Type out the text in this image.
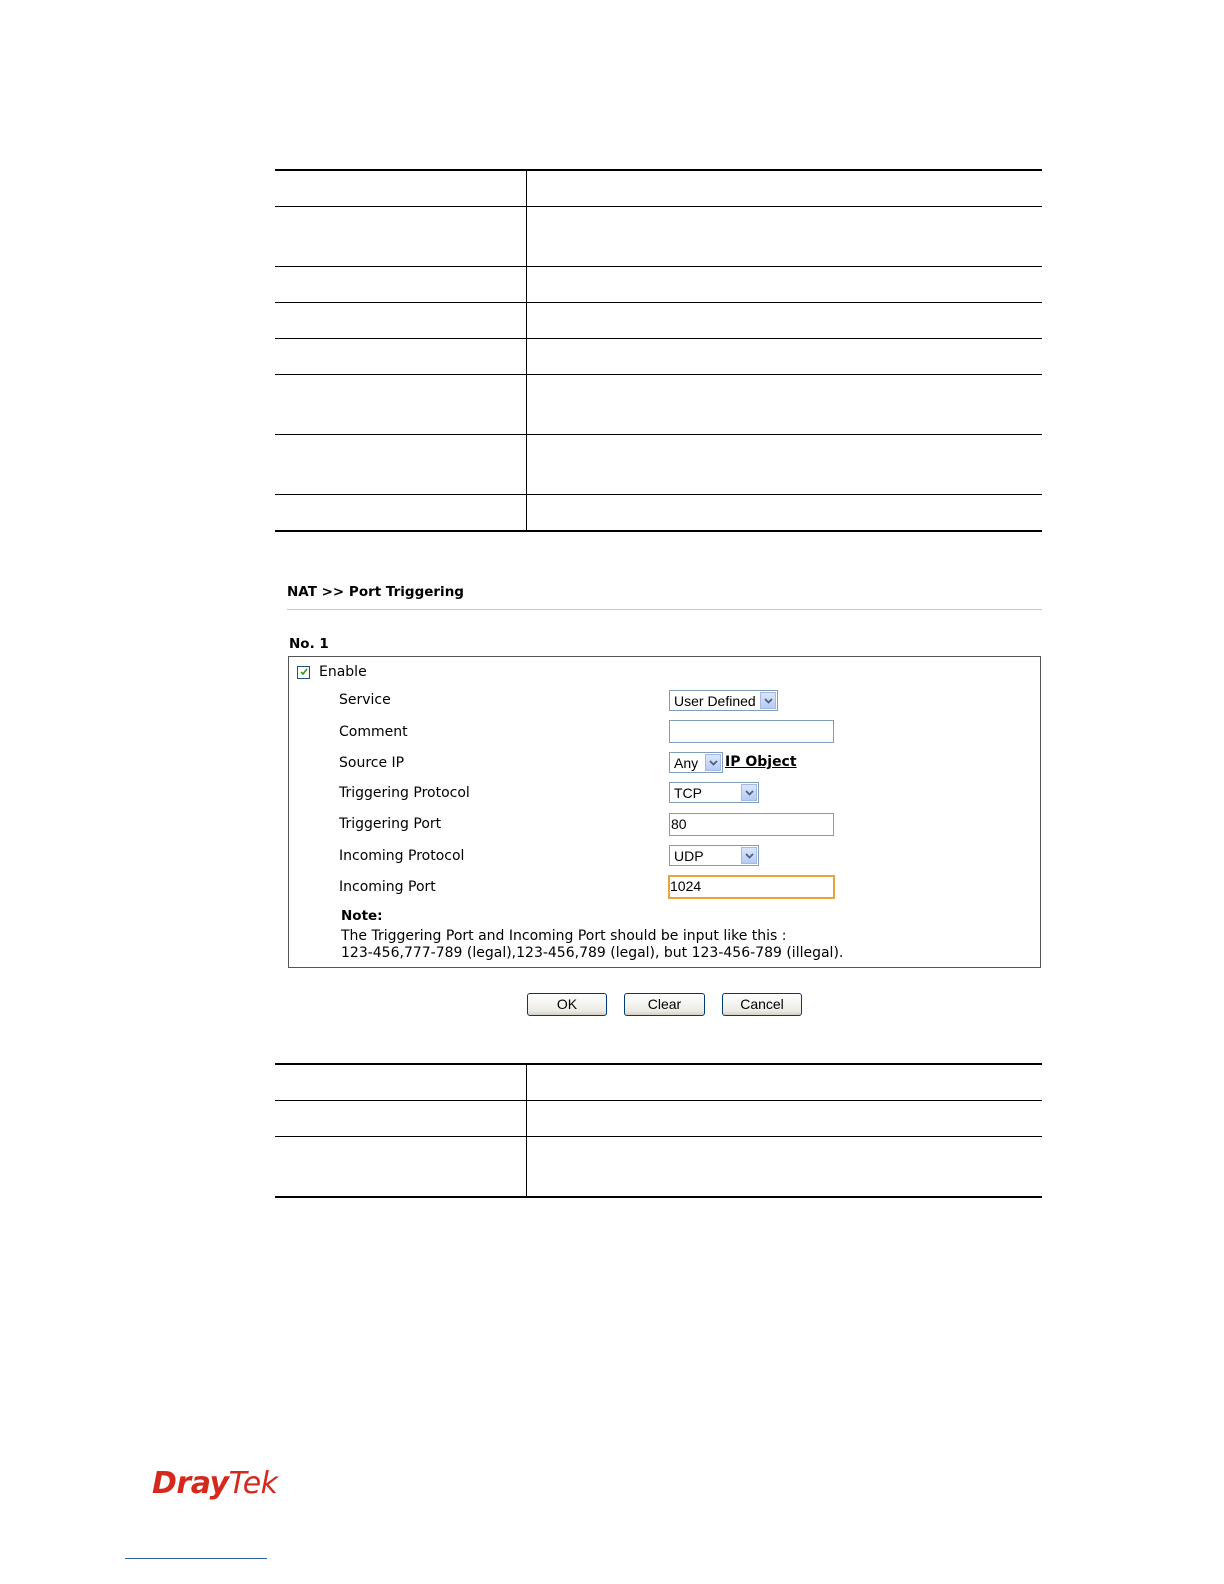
NAT >> Port Triggering
No. 1
Enable
Service	User Defined
Comment
Source IP	Any	IP Object
Triggering Protocol	TCP
Triggering Port	80
Incoming Protocol	UDP
Incoming Port	1024
Note:
The Triggering Port and Incoming Port should be input like this :
123-456,777-789 (legal),123-456,789 (legal), but 123-456-789 (illegal).
OK	Clear	Cancel

DrayTek
